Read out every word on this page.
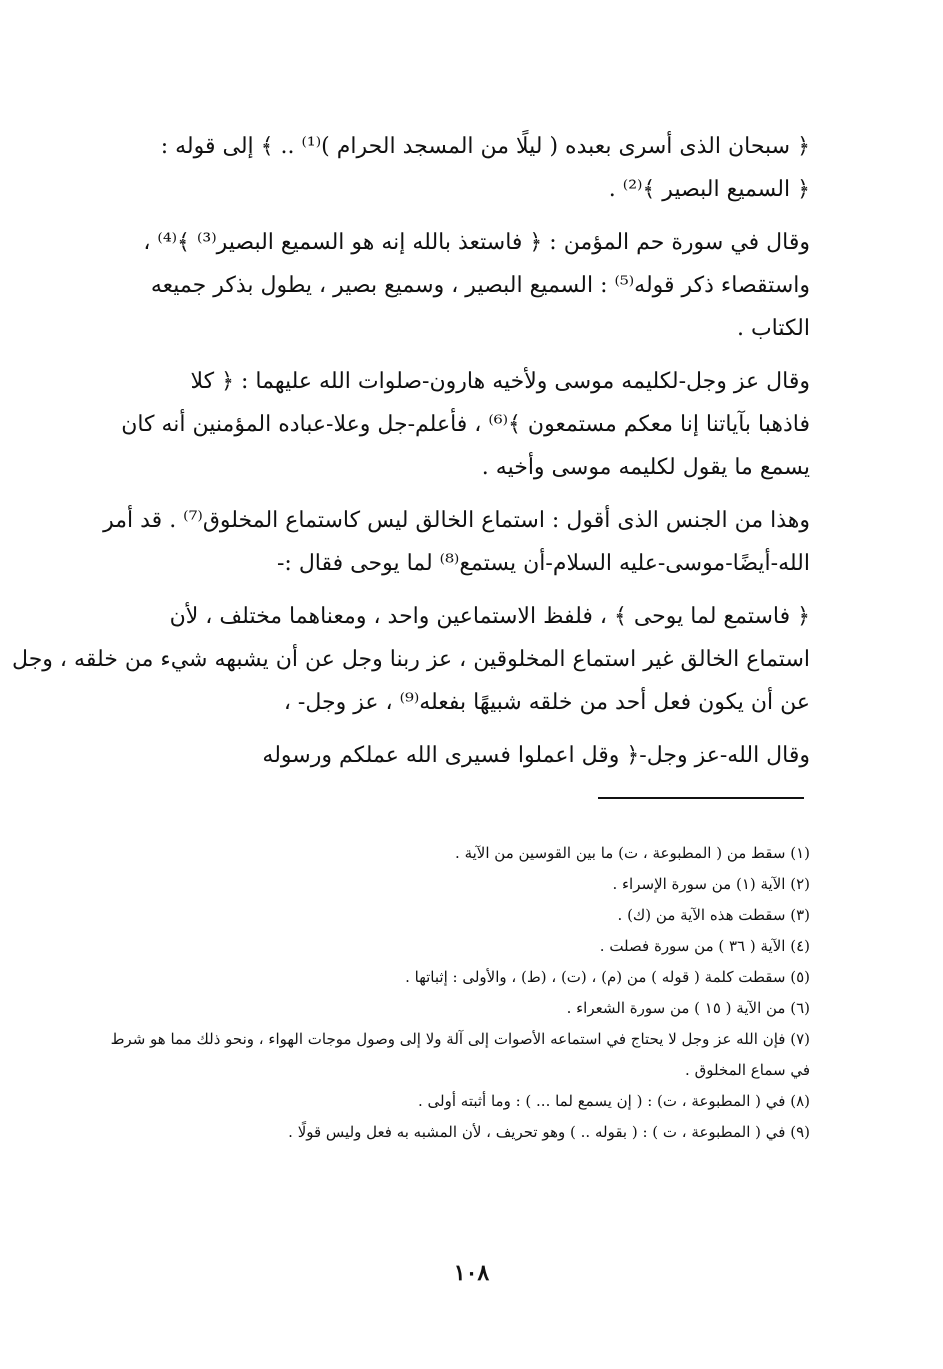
﴿ سبحان الذى أسرى بعبده ( ليلًا من المسجد الحرام )⁽¹⁾ .. ﴾ إلى قوله :
﴿ السميع البصير ﴾⁽²⁾ .
وقال في سورة حم المؤمن : ﴿ فاستعذ بالله إنه هو السميع البصير⁽³⁾ ﴾⁽⁴⁾ ،
واستقصاء ذكر قوله⁽⁵⁾ : السميع البصير ، وسميع بصير ، يطول بذكر جميعه
الكتاب .
وقال عز وجل-لكليمه موسى ولأخيه هارون-صلوات الله عليهما : ﴿ كلا
فاذهبا بآياتنا إنا معكم مستمعون ﴾⁽⁶⁾ ، فأعلم-جل وعلا-عباده المؤمنين أنه كان
يسمع ما يقول لكليمه موسى وأخيه .
وهذا من الجنس الذى أقول : استماع الخالق ليس كاستماع المخلوق⁽⁷⁾ . قد أمر
الله-أيضًا-موسى-عليه السلام-أن يستمع⁽⁸⁾ لما يوحى فقال :-
﴿ فاستمع لما يوحى ﴾ ، فلفظ الاستماعين واحد ، ومعناهما مختلف ، لأن
استماع الخالق غير استماع المخلوقين ، عز ربنا وجل عن أن يشبهه شيء من خلقه ، وجل
عن أن يكون فعل أحد من خلقه شبيهًا بفعله⁽⁹⁾ ، عز وجل- ،
وقال الله-عز وجل-﴿ وقل اعملوا فسيرى الله عملكم ورسوله
(١) سقط من ( المطبوعة ، ت) ما بين القوسين من الآية .
(٢) الآية (١) من سورة الإسراء .
(٣) سقطت هذه الآية من (ك) .
(٤) الآية ( ٣٦ ) من سورة فصلت .
(٥) سقطت كلمة ( قوله ) من (م) ، (ت) ، (ط) ، والأولى : إثباتها .
(٦) من الآية ( ١٥ ) من سورة الشعراء .
(٧) فإن الله عز وجل لا يحتاج في استماعه الأصوات إلى آلة ولا إلى وصول موجات الهواء ، ونحو ذلك مما هو شرط
في سماع المخلوق .
(٨) في ( المطبوعة ، ت) : ( إن يسمع لما ... ) : وما أثبته أولى .
(٩) في ( المطبوعة ، ت ) : ( بقوله .. ) وهو تحريف ، لأن المشبه به فعل وليس قولًا .
١٠٨
